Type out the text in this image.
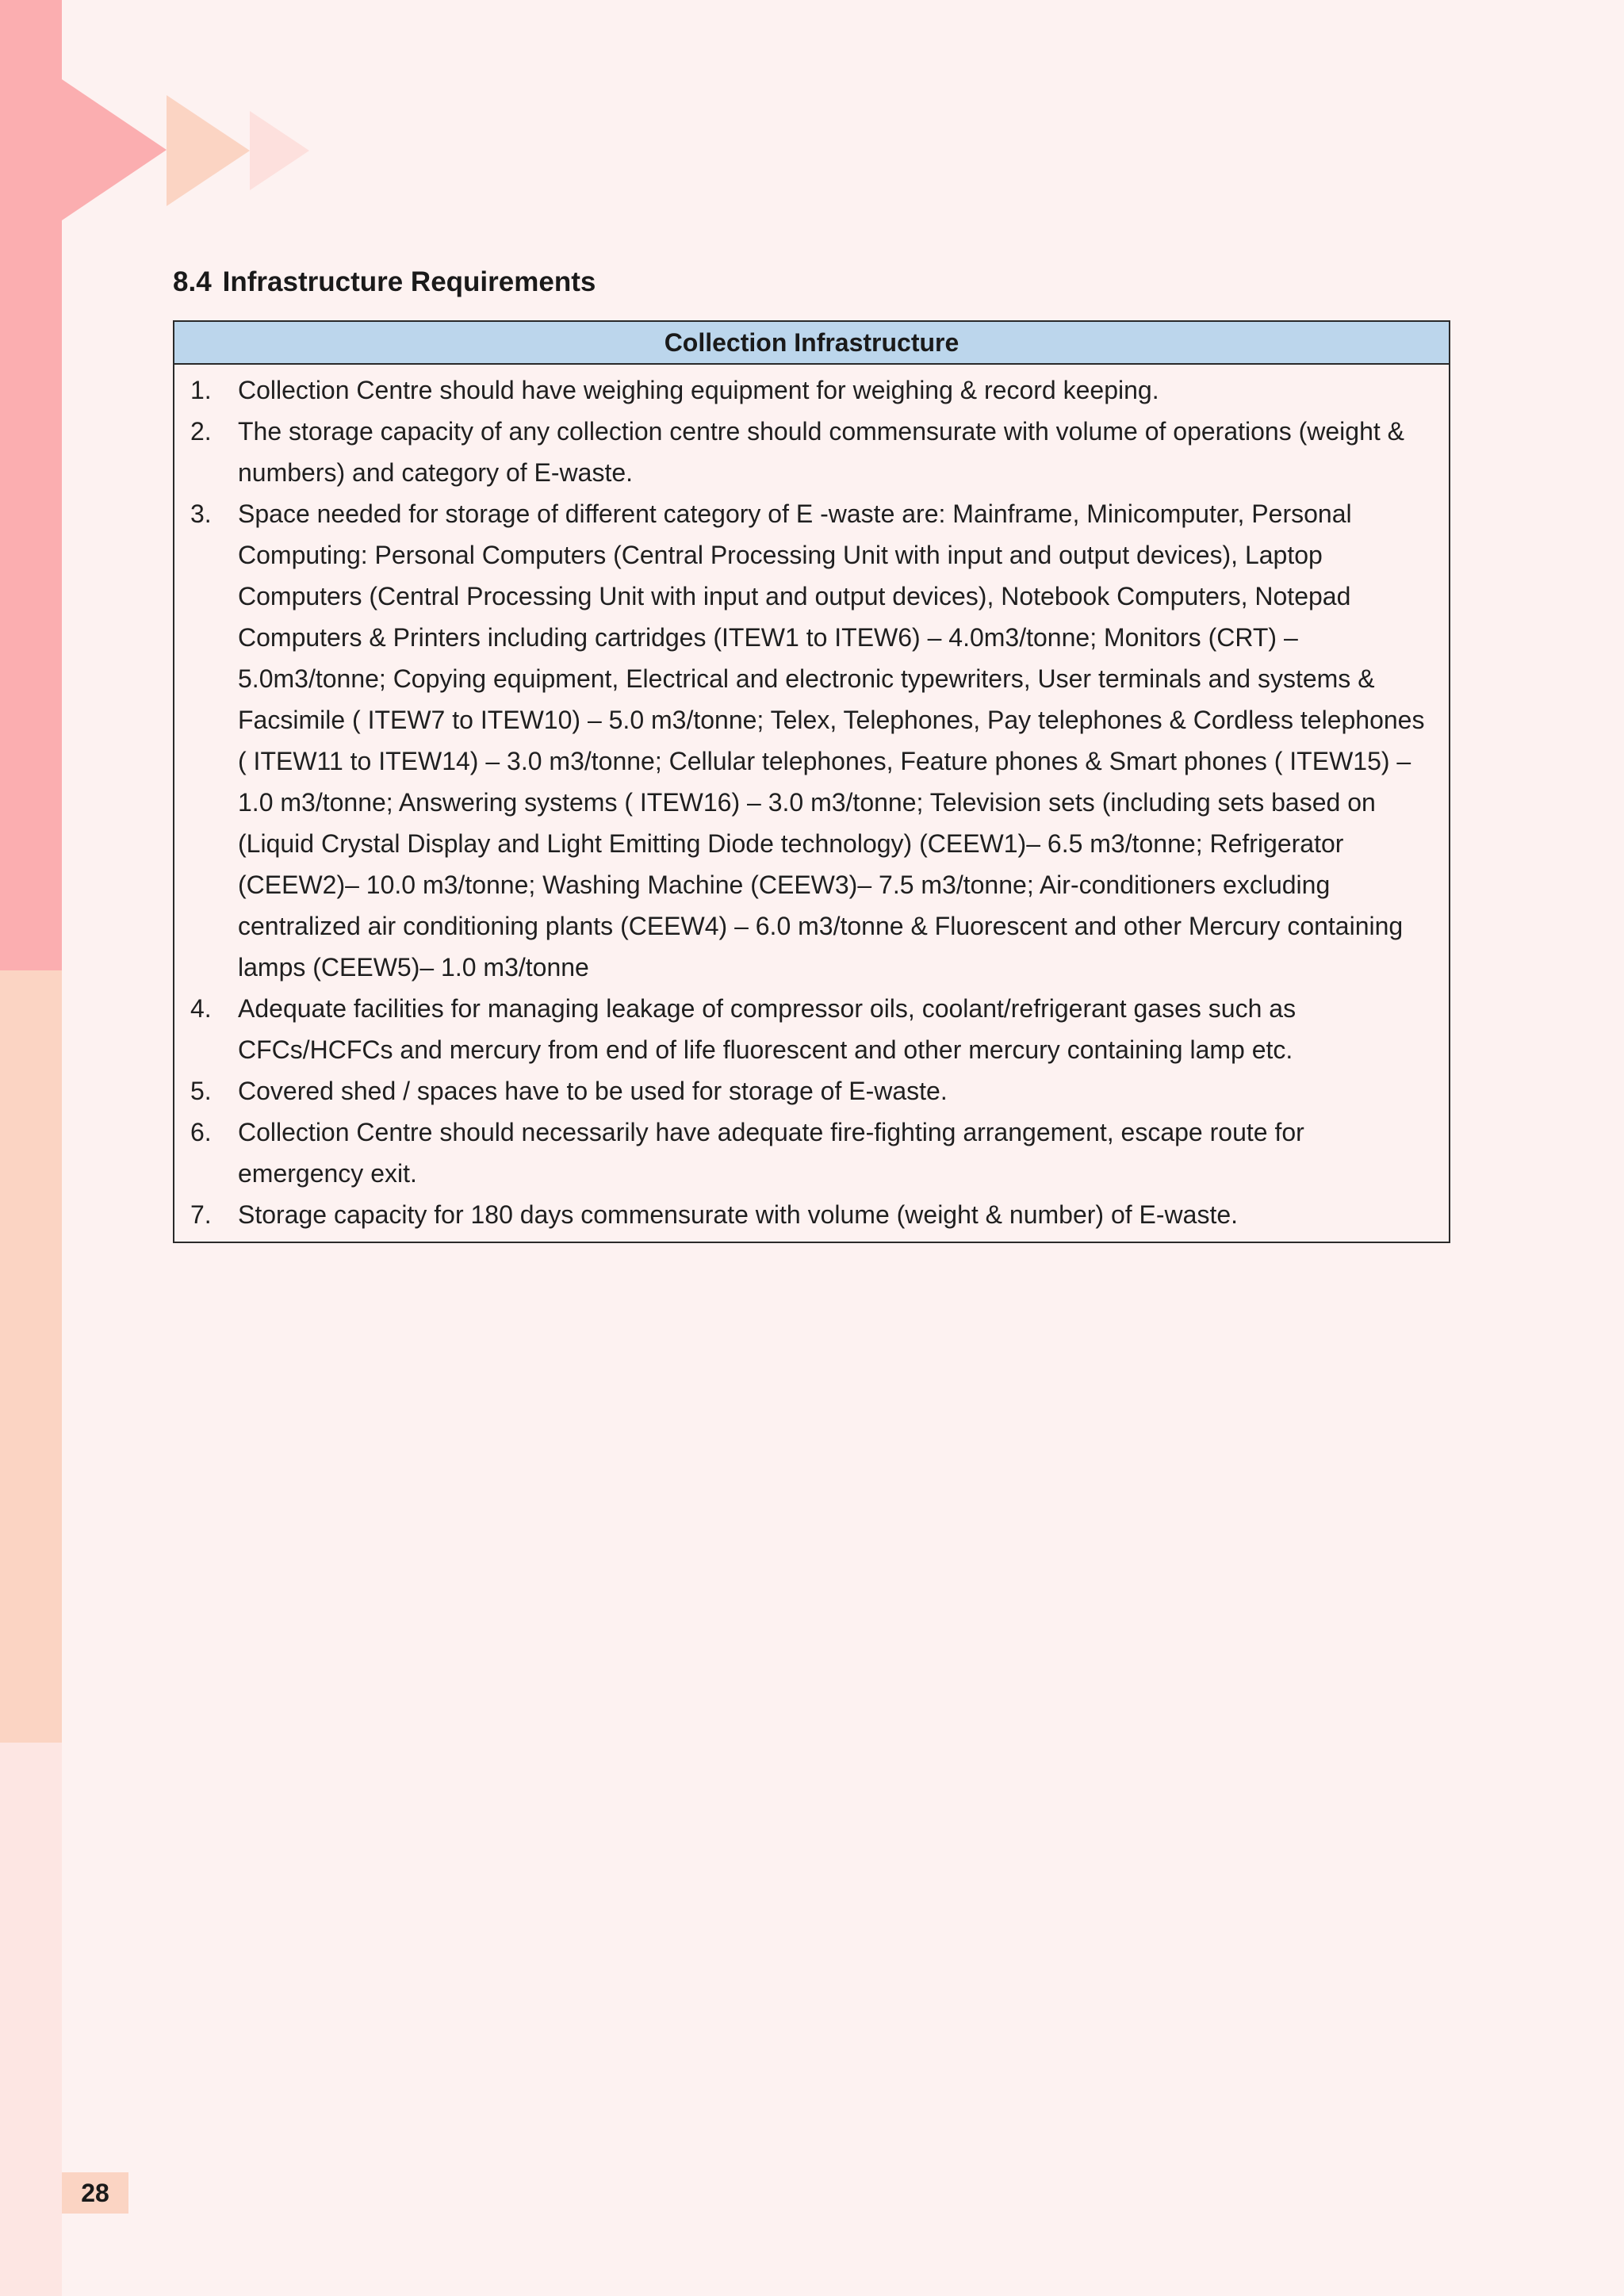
8.4 Infrastructure Requirements
Collection Infrastructure
1.	Collection Centre should have weighing equipment for weighing & record keeping.
2.	The storage capacity of any collection centre should commensurate with volume of operations (weight & numbers) and category of E-waste.
3.	Space needed for storage of different category of E -waste are: Mainframe, Minicomputer, Personal Computing: Personal Computers (Central Processing Unit with input and output devices), Laptop Computers (Central Processing Unit with input and output devices), Notebook Computers, Notepad Computers & Printers including cartridges (ITEW1 to ITEW6) – 4.0m3/tonne; Monitors (CRT) – 5.0m3/tonne; Copying equipment, Electrical and electronic typewriters, User terminals and systems & Facsimile ( ITEW7 to ITEW10) – 5.0 m3/tonne; Telex, Telephones, Pay telephones & Cordless telephones ( ITEW11 to ITEW14) – 3.0 m3/tonne; Cellular telephones, Feature phones & Smart phones ( ITEW15) – 1.0 m3/tonne; Answering systems ( ITEW16) – 3.0 m3/tonne; Television sets (including sets based on (Liquid Crystal Display and Light Emitting Diode technology) (CEEW1)– 6.5 m3/tonne; Refrigerator (CEEW2)– 10.0 m3/tonne; Washing Machine (CEEW3)– 7.5 m3/tonne; Air-conditioners excluding centralized air conditioning plants (CEEW4) – 6.0 m3/tonne & Fluorescent and other Mercury containing lamps (CEEW5)– 1.0 m3/tonne
4.	Adequate facilities for managing leakage of compressor oils, coolant/refrigerant gases such as CFCs/HCFCs and mercury from end of life fluorescent and other mercury containing lamp etc.
5.	Covered shed / spaces have to be used for storage of E-waste.
6.	Collection Centre should necessarily have adequate fire-fighting arrangement, escape route for emergency exit.
7.	Storage capacity for 180 days commensurate with volume (weight & number) of E-waste.
28
